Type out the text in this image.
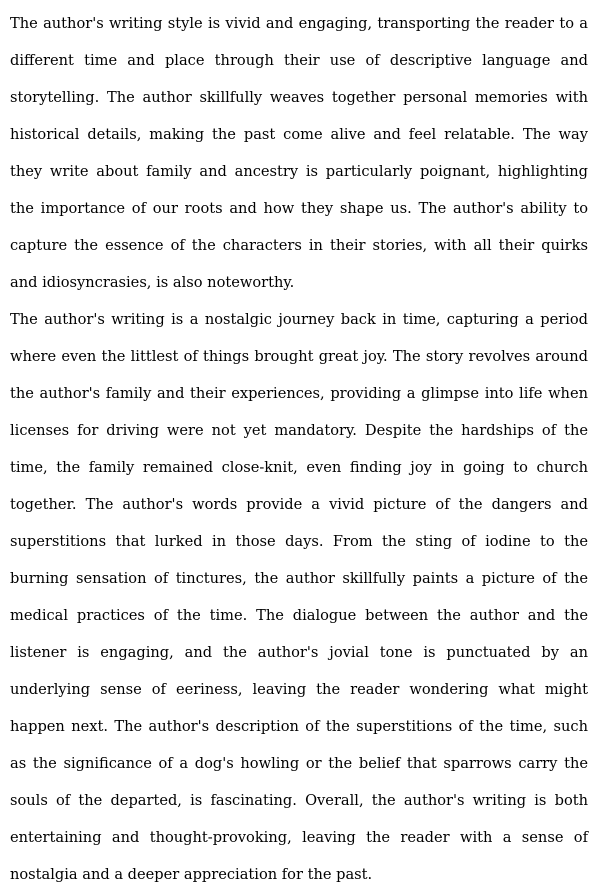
The author's writing style is vivid and engaging, transporting the reader to a different time and place through their use of descriptive language and storytelling. The author skillfully weaves together personal memories with historical details, making the past come alive and feel relatable. The way they write about family and ancestry is particularly poignant, highlighting the importance of our roots and how they shape us. The author's ability to capture the essence of the characters in their stories, with all their quirks and idiosyncrasies, is also noteworthy.

The author's writing is a nostalgic journey back in time, capturing a period where even the littlest of things brought great joy. The story revolves around the author's family and their experiences, providing a glimpse into life when licenses for driving were not yet mandatory. Despite the hardships of the time, the family remained close-knit, even finding joy in going to church together. The author's words provide a vivid picture of the dangers and superstitions that lurked in those days. From the sting of iodine to the burning sensation of tinctures, the author skillfully paints a picture of the medical practices of the time. The dialogue between the author and the listener is engaging, and the author's jovial tone is punctuated by an underlying sense of eeriness, leaving the reader wondering what might happen next. The author's description of the superstitions of the time, such as the significance of a dog's howling or the belief that sparrows carry the souls of the departed, is fascinating. Overall, the author's writing is both entertaining and thought-provoking, leaving the reader with a sense of nostalgia and a deeper appreciation for the past.
